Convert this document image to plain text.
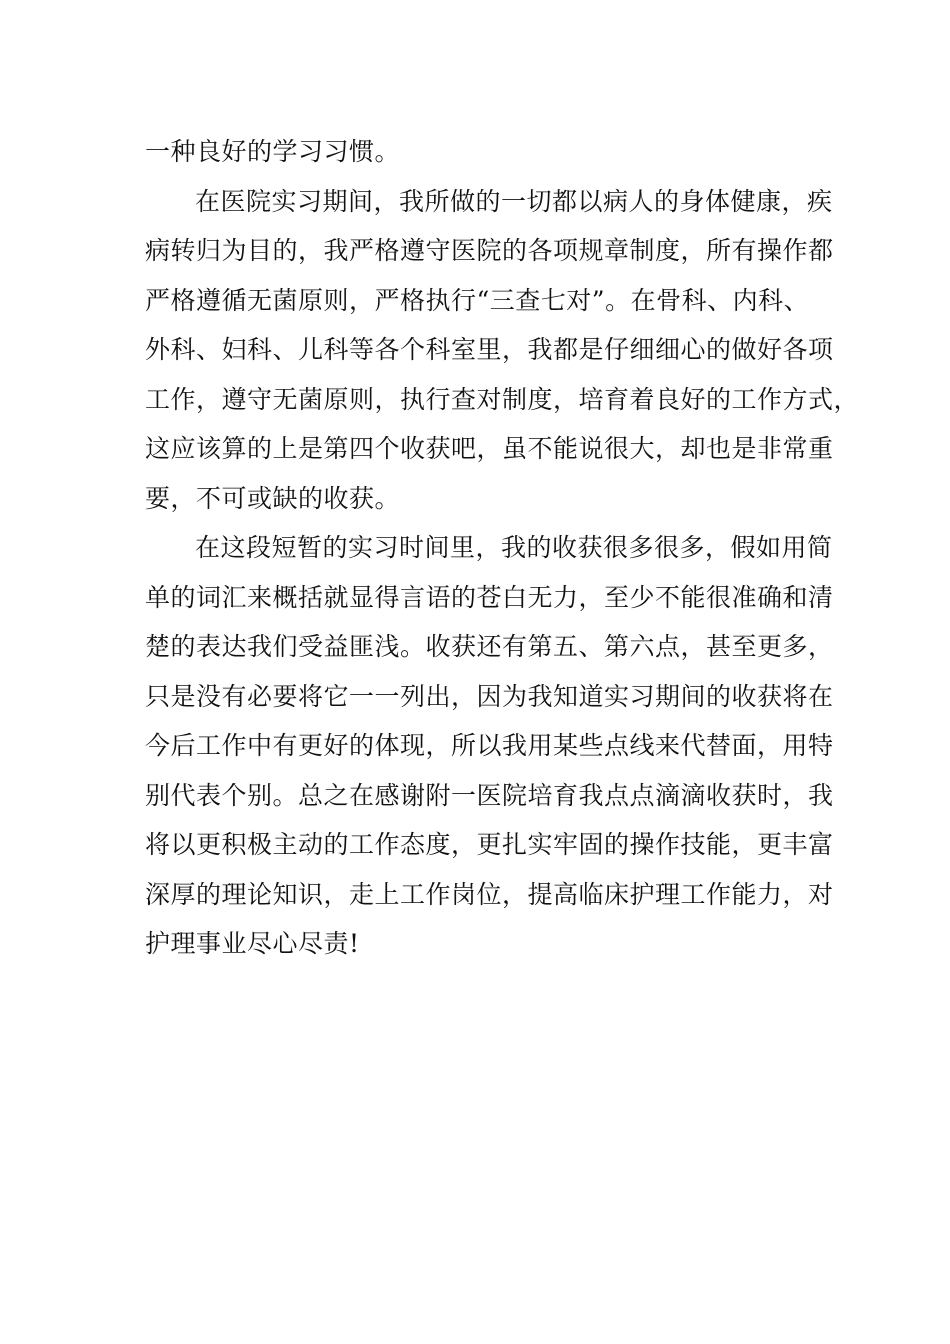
一种良好的学习习惯。
在医院实习期间，我所做的一切都以病人的身体健康，疾
病转归为目的，我严格遵守医院的各项规章制度，所有操作都
严格遵循无菌原则，严格执行“三查七对”。在骨科、内科、
外科、妇科、儿科等各个科室里，我都是仔细细心的做好各项
工作，遵守无菌原则，执行查对制度，培育着良好的工作方式，
这应该算的上是第四个收获吧，虽不能说很大，却也是非常重
要，不可或缺的收获。
在这段短暂的实习时间里，我的收获很多很多，假如用简
单的词汇来概括就显得言语的苍白无力，至少不能很准确和清
楚的表达我们受益匪浅。收获还有第五、第六点，甚至更多，
只是没有必要将它一一列出，因为我知道实习期间的收获将在
今后工作中有更好的体现，所以我用某些点线来代替面，用特
别代表个别。总之在感谢附一医院培育我点点滴滴收获时，我
将以更积极主动的工作态度，更扎实牢固的操作技能，更丰富
深厚的理论知识，走上工作岗位，提高临床护理工作能力，对
护理事业尽心尽责!
